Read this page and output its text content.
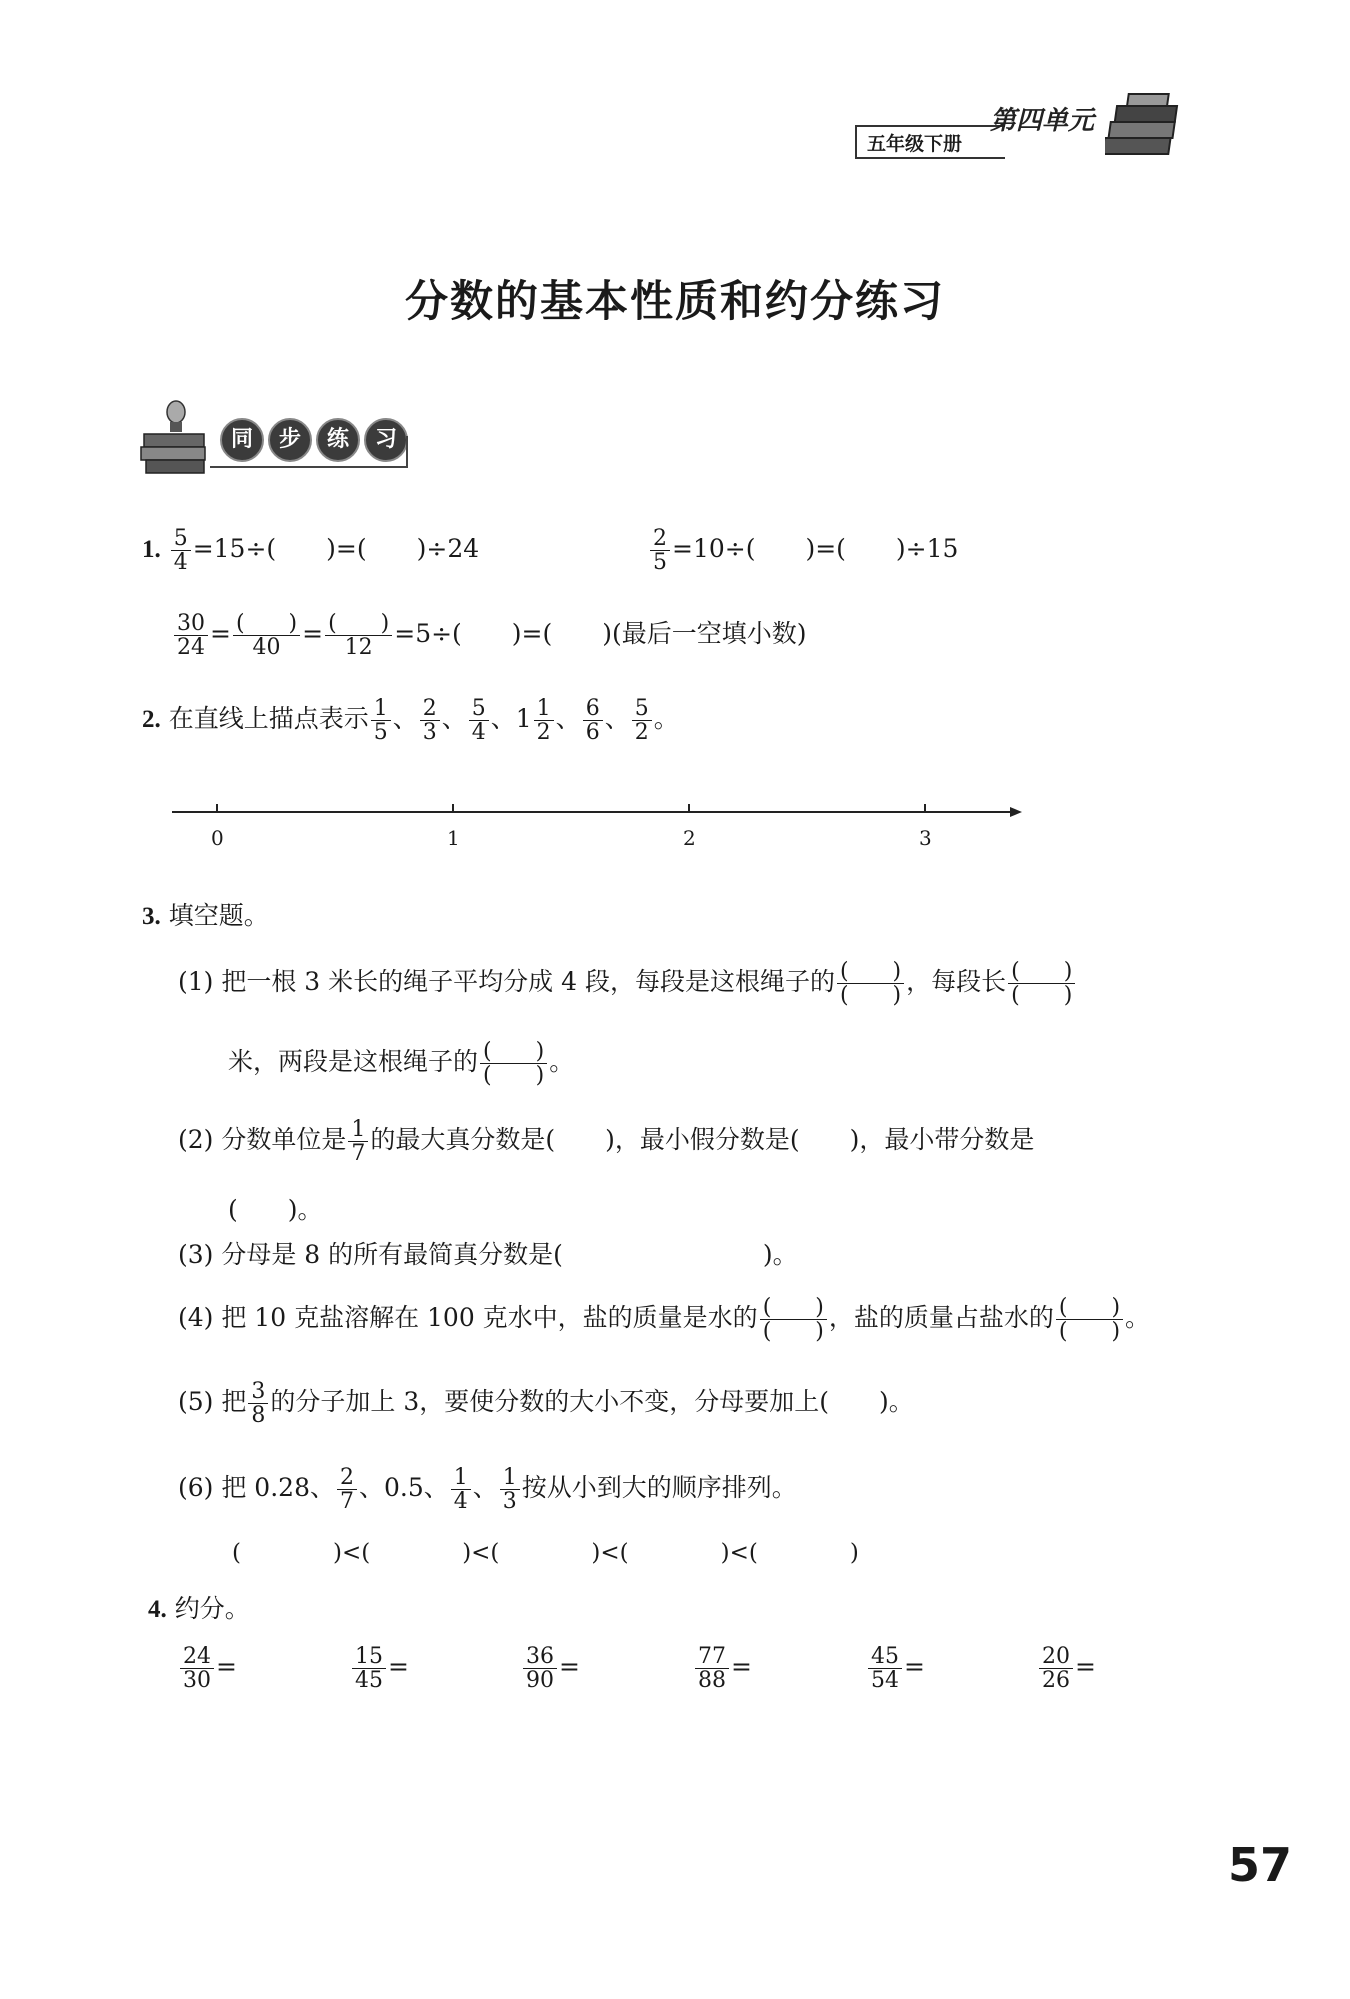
五年级下册
第四单元
分数的基本性质和约分练习
同 步 练 习
1. $\frac{5}{4} =15\div$(　　)=(　　)÷24	$\frac{2}{5} =10\div$(　　)=(　　)÷15
$\frac{30}{24} = \frac{( )}{40} = \frac{( )}{12} =5\div$(　　)=(　　)(最后一空填小数)
2. 在直线上描点表示 $\frac{1}{5}$ 、 $\frac{2}{3}$ 、 $\frac{5}{4}$ 、$1 \frac{1}{2}$ 、 $\frac{6}{6}$ 、 $\frac{5}{2}$ 。
0	1	2	3
3. 填空题。
(1) 把一根 3 米长的绳子平均分成 4 段，每段是这根绳子的 $\frac{( )}{( )}$ ，每段长 $\frac{( )}{( )}$
米，两段是这根绳子的 $\frac{( )}{( )}$ 。
(2) 分数单位是 $\frac{1}{7}$ 的最大真分数是(　　)，最小假分数是(　　)，最小带分数是
(　　)。
(3) 分母是 8 的所有最简真分数是(　　　　　　　　)。
(4) 把 10 克盐溶解在 100 克水中，盐的质量是水的 $\frac{( )}{( )}$ ，盐的质量占盐水的 $\frac{( )}{( )}$ 。
(5) 把 $\frac{3}{8}$ 的分子加上 3，要使分数的大小不变，分母要加上(　　)。
(6) 把 0.28、 $\frac{2}{7}$ 、0.5、 $\frac{1}{4}$ 、 $\frac{1}{3}$ 按从小到大的顺序排列。
(　　　　)<(　　　　)<(　　　　)<(　　　　)<(　　　　)
4. 约分。
$\frac{24}{30}$ =	$\frac{15}{45}$ =	$\frac{36}{90}$ =	$\frac{77}{88}$ =	$\frac{45}{54}$ =	$\frac{20}{26}$ =
57
